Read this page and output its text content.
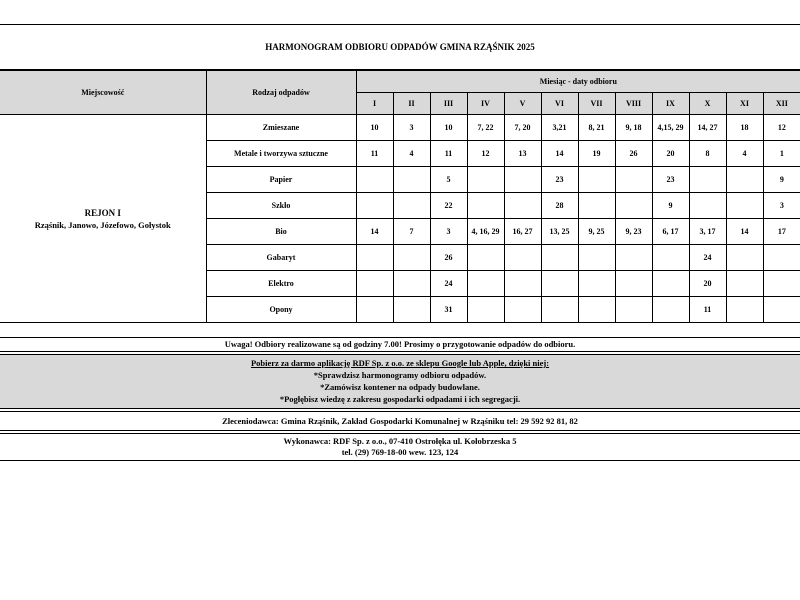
HARMONOGRAM ODBIORU ODPADÓW GMINA RZĄŚNIK 2025
Miejscowość	Rodzaj odpadów	Miesiąc - daty odbioru											
		I	II	III	IV	V	VI	VII	VIII	IX	X	XI	XII

REJON I
Rząśnik, Janowo, Józefowo, Gołystok	Zmieszane	10	3	10	7, 22	7, 20	3,21	8, 21	9, 18	4,15, 29	14, 27	18	12
	Metale i tworzywa sztuczne	11	4	11	12	13	14	19	26	20	8	4	1
	Papier			5			23			23			9
	Szkło			22			28			9			3
	Bio	14	7	3	4, 16, 29	16, 27	13, 25	9, 25	9, 23	6, 17	3, 17	14	17
	Gabaryt			26							24		
	Elektro			24							20		
	Opony			31							11		
Uwaga! Odbiory realizowane są od godziny 7.00! Prosimy o przygotowanie odpadów do odbioru.
Pobierz za darmo aplikację RDF Sp. z o.o. ze sklepu Google lub Apple, dzięki niej:
*Sprawdzisz harmonogramy odbioru odpadów.
*Zamówisz kontener na odpady budowlane.
*Pogłębisz wiedzę z zakresu gospodarki odpadami i ich segregacji.
Zleceniodawca: Gmina Rząśnik, Zakład Gospodarki Komunalnej w Rząśniku tel: 29 592 92 81, 82
Wykonawca: RDF Sp. z o.o., 07-410 Ostrołęka ul. Kołobrzeska 5
tel. (29) 769-18-00 wew. 123, 124
